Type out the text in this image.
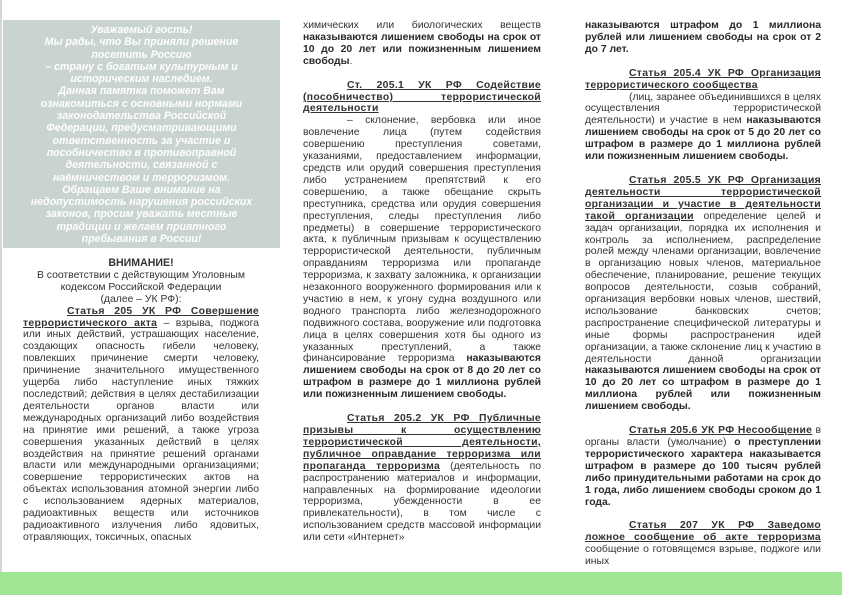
Уважаемый гость!
Мы рады, что Вы приняли решение
посетить Россию
– страну с богатым культурным и
историческим наследием.
Данная памятка поможет Вам
ознакомиться с основными нормами
законодательства Российской
Федерации, предусматривающими
ответственность за участие и
пособничество в противоправной
деятельности, связанной с
наёмничеством и терроризмом.
Обращаем Ваше внимание на
недопустимость нарушения российских
законов, просим уважать местные
традиции и желаем приятного
пребывания в России!
ВНИМАНИЕ!
В соответствии с действующим Уголовным
кодексом Российской Федерации
(далее – УК РФ):

Статья 205 УК РФ Совершение террористического акта – взрыва, поджога или иных действий, устрашающих население, создающих опасность гибели человеку, повлекших причинение смерти человеку, причинение значительного имущественного ущерба либо наступление иных тяжких последствий; действия в целях дестабилизации деятельности органов власти или международных организаций либо воздействия на принятие ими решений, а также угроза совершения указанных действий в целях воздействия на принятие решений органами власти или международными организациями; совершение террористических актов на объектах использования атомной энергии либо с использованием ядерных материалов, радиоактивных веществ или источников радиоактивного излучения либо ядовитых, отравляющих, токсичных, опасных

химических или биологических веществ наказываются лишением свободы на срок от 10 до 20 лет или пожизненным лишением свободы.

Ст. 205.1 УК РФ Содействие (пособничество) террористической деятельности
– склонение, вербовка или иное вовлечение лица (путем содействия совершению преступления советами, указаниями, предоставлением информации, средств или орудий совершения преступления либо устранением препятствий к его совершению, а также обещание скрыть преступника, средства или орудия совершения преступления, следы преступления либо предметы) в совершение террористического акта, к публичным призывам к осуществлению террористической деятельности, публичным оправданиям терроризма или пропаганде терроризма, к захвату заложника, к организации незаконного вооруженного формирования или к участию в нем, к угону судна воздушного или водного транспорта либо железнодорожного подвижного состава, вооружение или подготовка лица в целях совершения хотя бы одного из указанных преступлений, а также финансирование терроризма наказываются лишением свободы на срок от 8 до 20 лет со штрафом в размере до 1 миллиона рублей или пожизненным лишением свободы.

Статья 205.2 УК РФ Публичные призывы к осуществлению террористической деятельности, публичное оправдание терроризма или пропаганда терроризма (деятельность по распространению материалов и информации, направленных на формирование идеологии терроризма, убежденности в ее привлекательности), в том числе с использованием средств массовой информации или сети «Интернет»

наказываются штрафом до 1 миллиона рублей или лишением свободы на срок от 2 до 7 лет.

Статья 205.4 УК РФ Организация террористического сообщества
(лиц, заранее объединившихся в целях осуществления террористической деятельности) и участие в нем наказываются лишением свободы на срок от 5 до 20 лет со штрафом в размере до 1 миллиона рублей или пожизненным лишением свободы.

Статья 205.5 УК РФ Организация деятельности террористической организации и участие в деятельности такой организации определение целей и задач организации, порядка их исполнения и контроль за исполнением, распределение ролей между членами организации, вовлечение в организацию новых членов, материальное обеспечение, планирование, решение текущих вопросов деятельности, созыв собраний, организация вербовки новых членов, шествий, использование банковских счетов; распространение специфической литературы и иные формы распространения идей организации, а также склонение лиц к участию в деятельности данной организации наказываются лишением свободы на срок от 10 до 20 лет со штрафом в размере до 1 миллиона рублей или пожизненным лишением свободы.

Статья 205.6 УК РФ Несообщение в органы власти (умолчание) о преступлении террористического характера наказывается штрафом в размере до 100 тысяч рублей либо принудительными работами на срок до 1 года, либо лишением свободы сроком до 1 года.

Статья 207 УК РФ Заведомо ложное сообщение об акте терроризма сообщение о готовящемся взрыве, поджоге или иных
